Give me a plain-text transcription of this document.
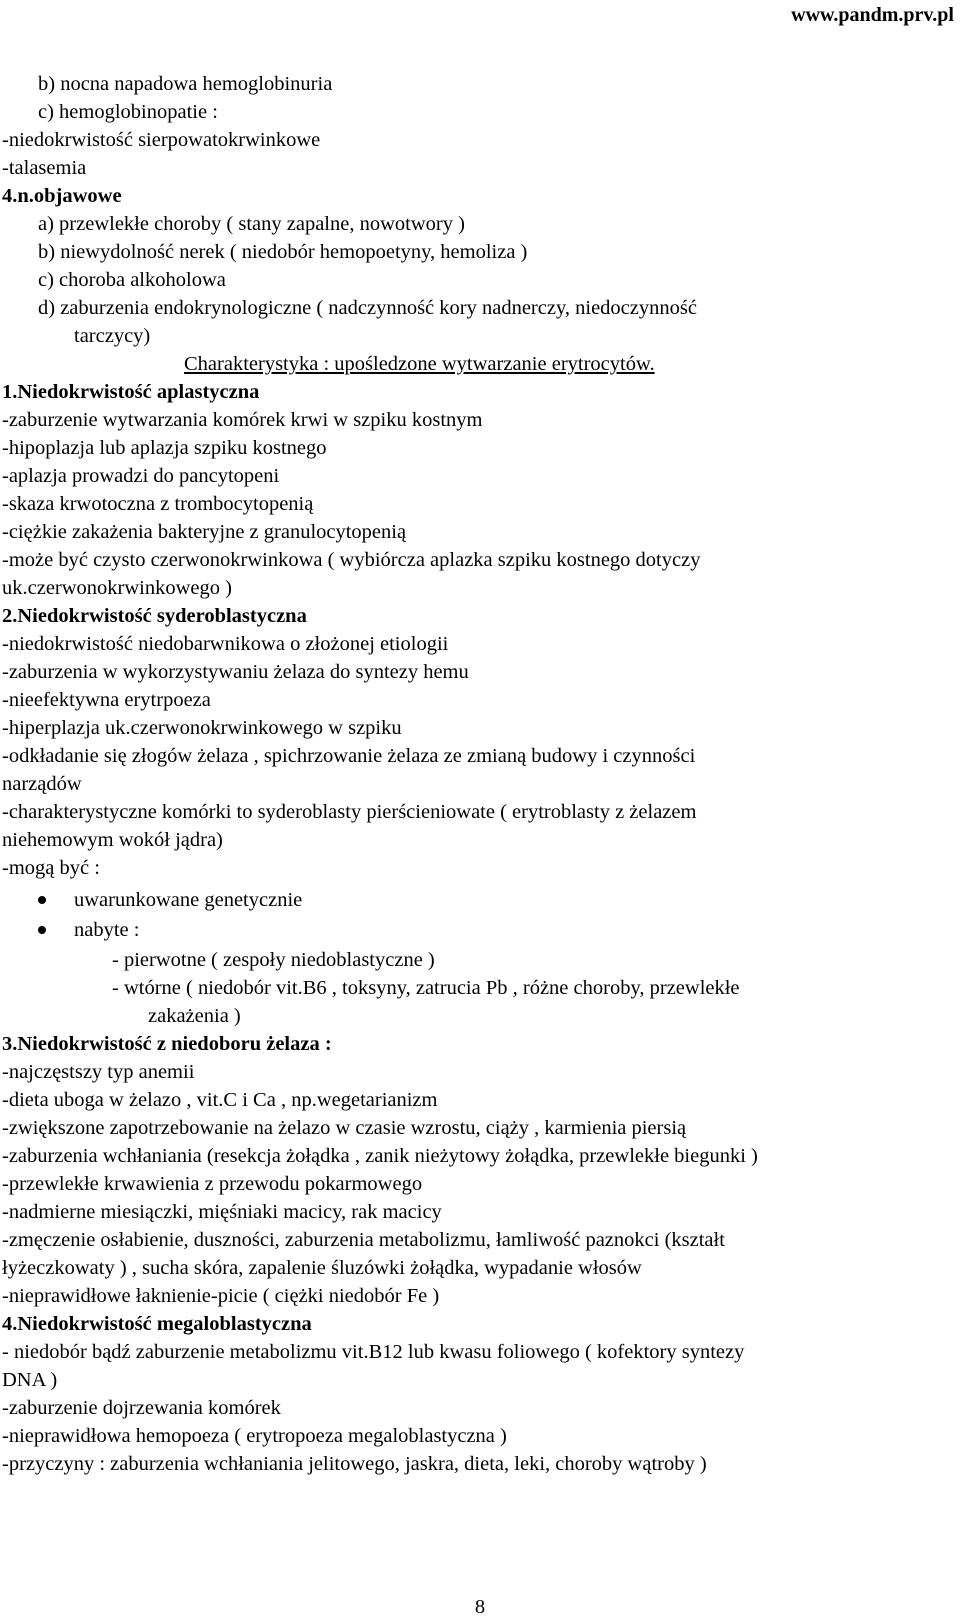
www.pandm.prv.pl
b) nocna napadowa hemoglobinuria
c) hemoglobinopatie :
-niedokrwistość sierpowatokrwinkowe
-talasemia
4.n.objawowe
a) przewlekłe choroby ( stany zapalne, nowotwory )
b) niewydolność nerek ( niedobór hemopoetyny, hemoliza )
c) choroba alkoholowa
d) zaburzenia endokrynologiczne ( nadczynność kory nadnerczy, niedoczynność
tarczycy)
Charakterystyka : upośledzone wytwarzanie erytrocytów.
1.Niedokrwistość aplastyczna
-zaburzenie wytwarzania komórek krwi w szpiku kostnym
-hipoplazja lub aplazja szpiku kostnego
-aplazja prowadzi do pancytopeni
-skaza krwotoczna z trombocytopenią
-ciężkie zakażenia bakteryjne z granulocytopenią
-może być czysto czerwonokrwinkowa ( wybiórcza aplazka szpiku kostnego dotyczy
uk.czerwonokrwinkowego )
2.Niedokrwistość syderoblastyczna
-niedokrwistość niedobarwnikowa o złożonej etiologii
-zaburzenia w wykorzystywaniu żelaza do syntezy hemu
-nieefektywna erytrpoeza
-hiperplazja uk.czerwonokrwinkowego w szpiku
-odkładanie się złogów żelaza , spichrzowanie żelaza ze zmianą budowy i czynności
narządów
-charakterystyczne komórki to syderoblasty pierścieniowate ( erytroblasty z żelazem
niehemowym wokół jądra)
-mogą być :
uwarunkowane genetycznie
nabyte :
- pierwotne ( zespoły niedoblastyczne )
- wtórne ( niedobór vit.B6 , toksyny, zatrucia Pb , różne choroby, przewlekłe
zakażenia )
3.Niedokrwistość z niedoboru żelaza :
-najczęstszy typ anemii
-dieta uboga w żelazo , vit.C i Ca , np.wegetarianizm
-zwiększone zapotrzebowanie na żelazo w czasie wzrostu, ciąży , karmienia piersią
-zaburzenia wchłaniania (resekcja żołądka , zanik nieżytowy żołądka, przewlekłe biegunki )
-przewlekłe krwawienia z przewodu pokarmowego
-nadmierne miesiączki, mięśniaki macicy, rak macicy
-zmęczenie osłabienie, duszności, zaburzenia metabolizmu, łamliwość paznokci (kształt
łyżeczkowaty ) , sucha skóra, zapalenie śluzówki żołądka, wypadanie włosów
-nieprawidłowe łaknienie-picie ( ciężki niedobór Fe )
4.Niedokrwistość megaloblastyczna
- niedobór bądź zaburzenie metabolizmu vit.B12 lub kwasu foliowego ( kofektory syntezy
DNA )
-zaburzenie dojrzewania komórek
-nieprawidłowa hemopoeza ( erytropoeza megaloblastyczna )
-przyczyny : zaburzenia wchłaniania jelitowego, jaskra, dieta, leki, choroby wątroby )
8
